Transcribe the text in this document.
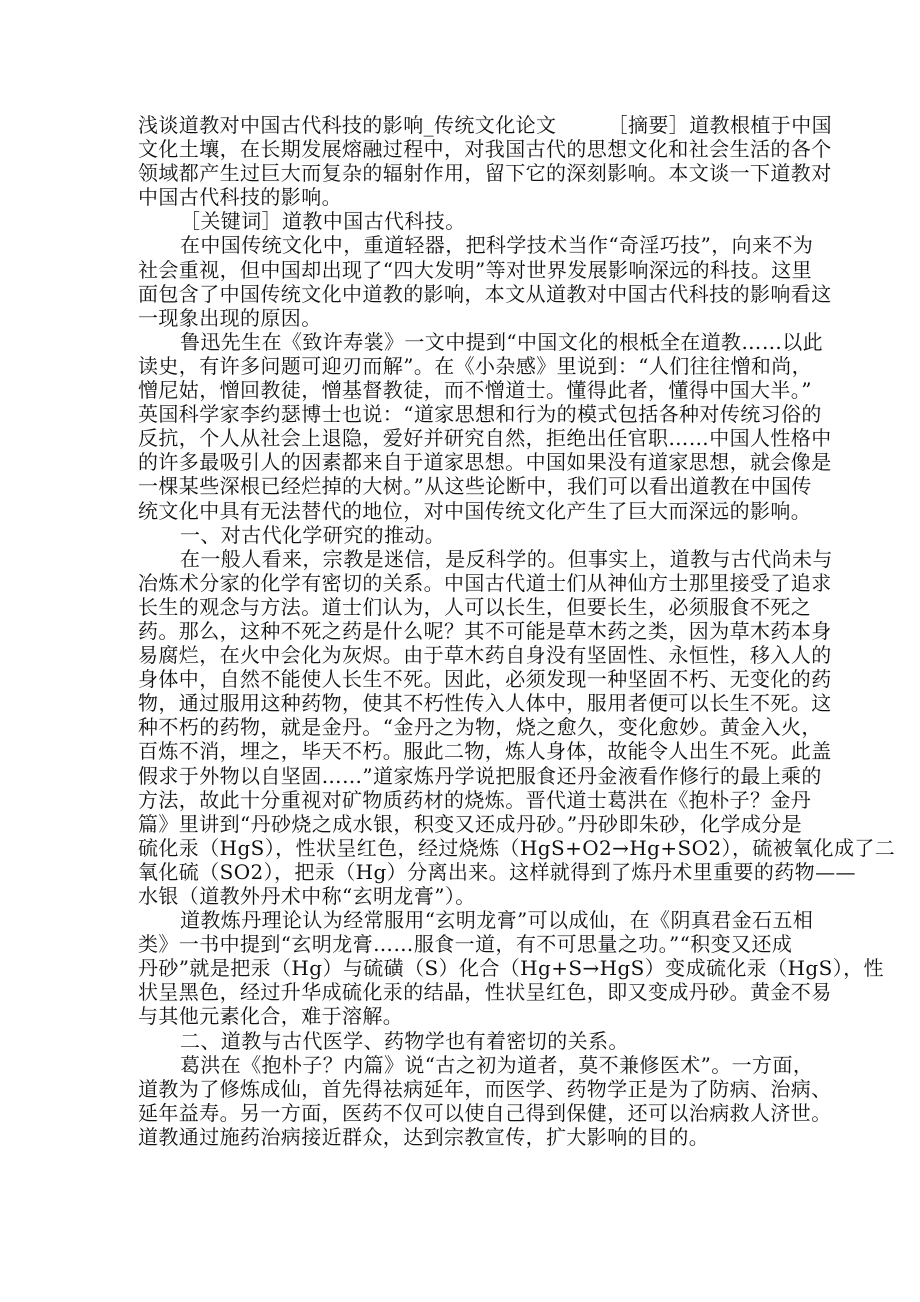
浅谈道教对中国古代科技的影响_传统文化论文　　　［摘要］道教根植于中国
文化土壤，在长期发展熔融过程中，对我国古代的思想文化和社会生活的各个
领域都产生过巨大而复杂的辐射作用，留下它的深刻影响。本文谈一下道教对
中国古代科技的影响。
［关键词］道教中国古代科技。
在中国传统文化中，重道轻器，把科学技术当作“奇淫巧技”，向来不为
社会重视，但中国却出现了“四大发明”等对世界发展影响深远的科技。这里
面包含了中国传统文化中道教的影响，本文从道教对中国古代科技的影响看这
一现象出现的原因。
鲁迅先生在《致许寿裳》一文中提到“中国文化的根柢全在道教……以此
读史，有许多问题可迎刃而解”。在《小杂感》里说到：“人们往往憎和尚，
憎尼姑，憎回教徒，憎基督教徒，而不憎道士。懂得此者，懂得中国大半。”
英国科学家李约瑟博士也说：“道家思想和行为的模式包括各种对传统习俗的
反抗，个人从社会上退隐，爱好并研究自然，拒绝出任官职……中国人性格中
的许多最吸引人的因素都来自于道家思想。中国如果没有道家思想，就会像是
一棵某些深根已经烂掉的大树。”从这些论断中，我们可以看出道教在中国传
统文化中具有无法替代的地位，对中国传统文化产生了巨大而深远的影响。
一、对古代化学研究的推动。
在一般人看来，宗教是迷信，是反科学的。但事实上，道教与古代尚未与
冶炼术分家的化学有密切的关系。中国古代道士们从神仙方士那里接受了追求
长生的观念与方法。道士们认为，人可以长生，但要长生，必须服食不死之
药。那么，这种不死之药是什么呢？其不可能是草木药之类，因为草木药本身
易腐烂，在火中会化为灰烬。由于草木药自身没有坚固性、永恒性，移入人的
身体中，自然不能使人长生不死。因此，必须发现一种坚固不朽、无变化的药
物，通过服用这种药物，使其不朽性传入人体中，服用者便可以长生不死。这
种不朽的药物，就是金丹。“金丹之为物，烧之愈久，变化愈妙。黄金入火，
百炼不消，埋之，毕天不朽。服此二物，炼人身体，故能令人出生不死。此盖
假求于外物以自坚固……”道家炼丹学说把服食还丹金液看作修行的最上乘的
方法，故此十分重视对矿物质药材的烧炼。晋代道士葛洪在《抱朴子？金丹
篇》里讲到“丹砂烧之成水银，积变又还成丹砂。”丹砂即朱砂，化学成分是
硫化汞（HgS），性状呈红色，经过烧炼（HgS+O2→Hg+SO2），硫被氧化成了二
氧化硫（SO2），把汞（Hg）分离出来。这样就得到了炼丹术里重要的药物——
水银（道教外丹术中称“玄明龙膏”）。
道教炼丹理论认为经常服用“玄明龙膏”可以成仙，在《阴真君金石五相
类》一书中提到“玄明龙膏……服食一道，有不可思量之功。”“积变又还成
丹砂”就是把汞（Hg）与硫磺（S）化合（Hg+S→HgS）变成硫化汞（HgS），性
状呈黑色，经过升华成硫化汞的结晶，性状呈红色，即又变成丹砂。黄金不易
与其他元素化合，难于溶解。
二、道教与古代医学、药物学也有着密切的关系。
葛洪在《抱朴子？内篇》说“古之初为道者，莫不兼修医术”。一方面，
道教为了修炼成仙，首先得祛病延年，而医学、药物学正是为了防病、治病、
延年益寿。另一方面，医药不仅可以使自己得到保健，还可以治病救人济世。
道教通过施药治病接近群众，达到宗教宣传，扩大影响的目的。
